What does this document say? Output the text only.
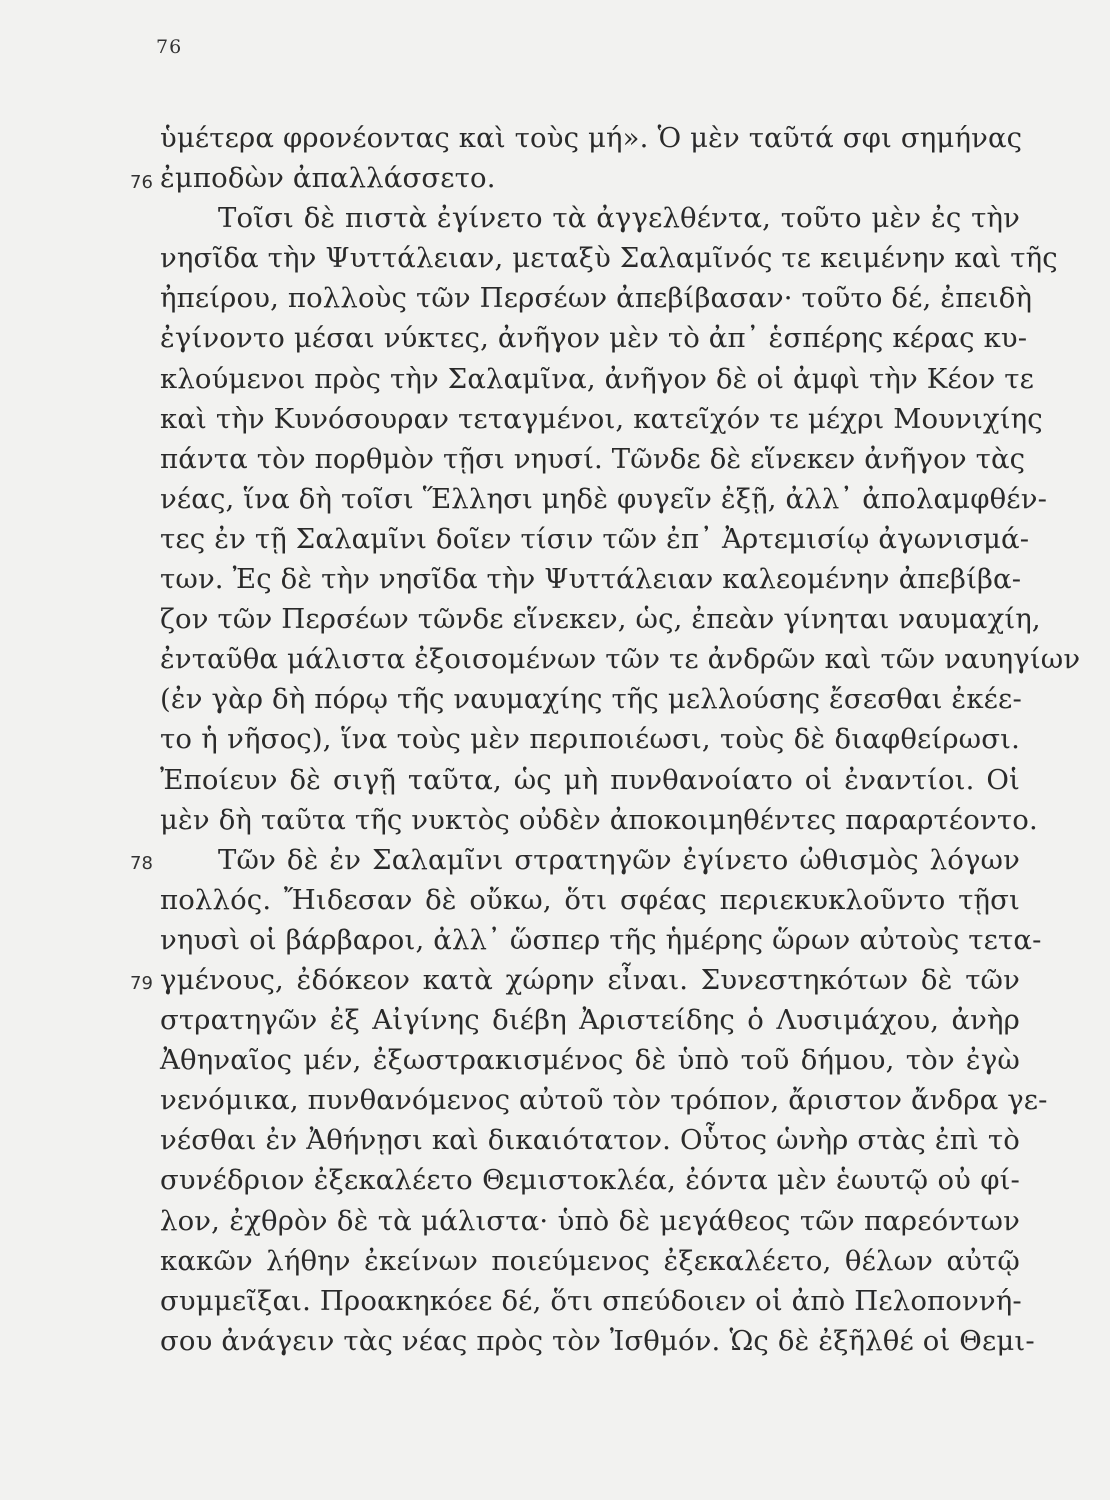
76
76
78
79
ὑμέτερα φρονέοντας καὶ τοὺς μή». Ὁ μὲν ταῦτά σφι σημήνας
ἐμποδὼν ἀπαλλάσσετο.
Τοῖσι δὲ πιστὰ ἐγίνετο τὰ ἀγγελθέντα, τοῦτο μὲν ἐς τὴν
νησῖδα τὴν Ψυττάλειαν, μεταξὺ Σαλαμῖνός τε κειμένην καὶ τῆς
ἠπείρου, πολλοὺς τῶν Περσέων ἀπεβίβασαν· τοῦτο δέ, ἐπειδὴ
ἐγίνοντο μέσαι νύκτες, ἀνῆγον μὲν τὸ ἀπ᾿ ἑσπέρης κέρας κυ-
κλούμενοι πρὸς τὴν Σαλαμῖνα, ἀνῆγον δὲ οἱ ἀμφὶ τὴν Κέον τε
καὶ τὴν Κυνόσουραν τεταγμένοι, κατεῖχόν τε μέχρι Μουνιχίης
πάντα τὸν πορθμὸν τῇσι νηυσί. Τῶνδε δὲ εἵνεκεν ἀνῆγον τὰς
νέας, ἵνα δὴ τοῖσι Ἕλλησι μηδὲ φυγεῖν ἐξῇ, ἀλλ᾿ ἀπολαμφθέν-
τες ἐν τῇ Σαλαμῖνι δοῖεν τίσιν τῶν ἐπ᾿ Ἀρτεμισίῳ ἀγωνισμά-
των. Ἐς δὲ τὴν νησῖδα τὴν Ψυττάλειαν καλεομένην ἀπεβίβα-
ζον τῶν Περσέων τῶνδε εἵνεκεν, ὡς, ἐπεὰν γίνηται ναυμαχίη,
ἐνταῦθα μάλιστα ἐξοισομένων τῶν τε ἀνδρῶν καὶ τῶν ναυηγίων
(ἐν γὰρ δὴ πόρῳ τῆς ναυμαχίης τῆς μελλούσης ἔσεσθαι ἐκέε-
το ἡ νῆσος), ἵνα τοὺς μὲν περιποιέωσι, τοὺς δὲ διαφθείρωσι.
Ἐποίευν δὲ σιγῇ ταῦτα, ὡς μὴ πυνθανοίατο οἱ ἐναντίοι. Οἱ
μὲν δὴ ταῦτα τῆς νυκτὸς οὐδὲν ἀποκοιμηθέντες παραρτέοντο.
Τῶν δὲ ἐν Σαλαμῖνι στρατηγῶν ἐγίνετο ὠθισμὸς λόγων
πολλός. Ἤιδεσαν δὲ οὔκω, ὅτι σφέας περιεκυκλοῦντο τῇσι
νηυσὶ οἱ βάρβαροι, ἀλλ᾿ ὥσπερ τῆς ἡμέρης ὥρων αὐτοὺς τετα-
γμένους, ἐδόκεον κατὰ χώρην εἶναι. Συνεστηκότων δὲ τῶν
στρατηγῶν ἐξ Αἰγίνης διέβη Ἀριστείδης ὁ Λυσιμάχου, ἀνὴρ
Ἀθηναῖος μέν, ἐξωστρακισμένος δὲ ὑπὸ τοῦ δήμου, τὸν ἐγὼ
νενόμικα, πυνθανόμενος αὐτοῦ τὸν τρόπον, ἄριστον ἄνδρα γε-
νέσθαι ἐν Ἀθήνῃσι καὶ δικαιότατον. Οὗτος ὡνὴρ στὰς ἐπὶ τὸ
συνέδριον ἐξεκαλέετο Θεμιστοκλέα, ἐόντα μὲν ἑωυτῷ οὐ φί-
λον, ἐχθρὸν δὲ τὰ μάλιστα· ὑπὸ δὲ μεγάθεος τῶν παρεόντων
κακῶν λήθην ἐκείνων ποιεύμενος ἐξεκαλέετο, θέλων αὐτῷ
συμμεῖξαι. Προακηκόεε δέ, ὅτι σπεύδοιεν οἱ ἀπὸ Πελοποννή-
σου ἀνάγειν τὰς νέας πρὸς τὸν Ἰσθμόν. Ὡς δὲ ἐξῆλθέ οἱ Θεμι-
